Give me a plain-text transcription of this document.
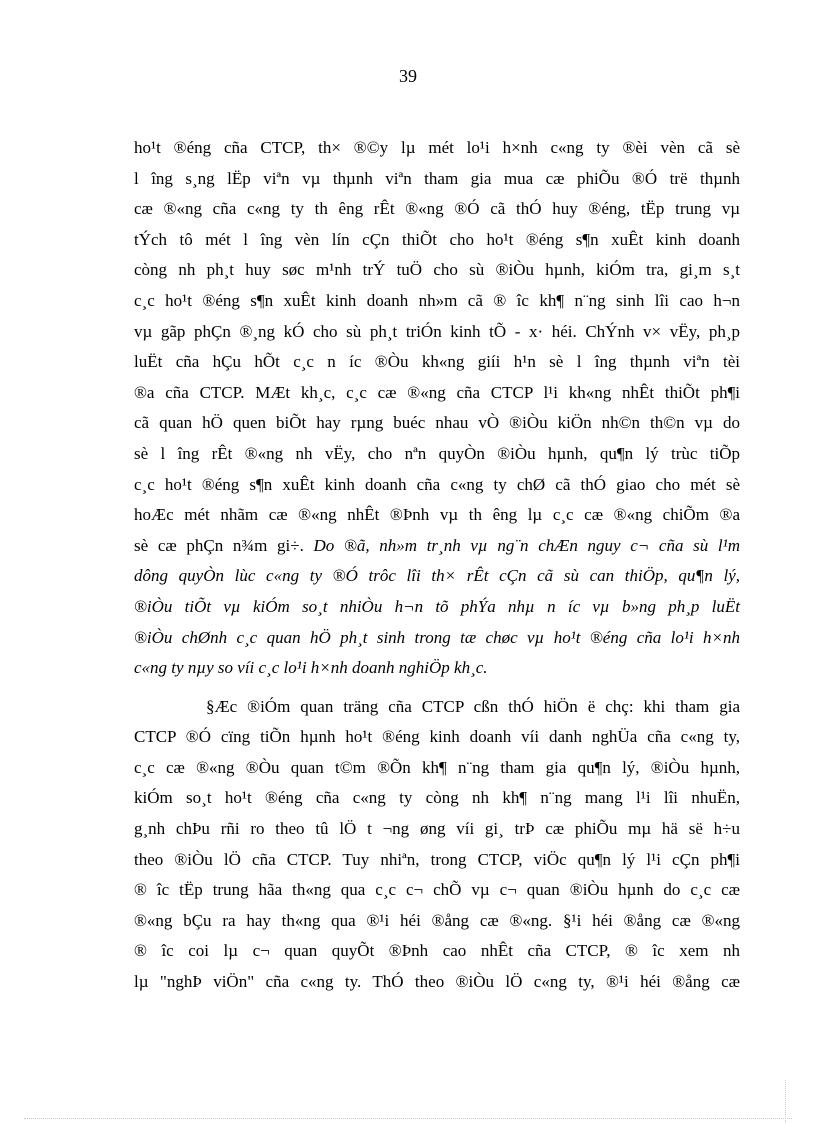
39
ho¹t ®éng cña CTCP, th× ®©y lµ mét lo¹i h×nh c«ng ty ®èi vèn cã sè
l îng s¸ng lËp viªn vµ thµnh viªn tham gia mua cæ phiÕu ®Ó trë thµnh
cæ ®«ng cña c«ng ty th êng rÊt ®«ng ®Ó cã thÓ huy ®éng, tËp trung vµ
tÝch tô mét l îng vèn lín cÇn thiÕt cho ho¹t ®éng s¶n xuÊt kinh doanh
còng nh ph¸t huy søc m¹nh trÝ tuÖ cho sù ®iÒu hµnh, kiÓm tra, gi¸m s¸t
c¸c ho¹t ®éng s¶n xuÊt kinh doanh nh»m cã ® îc kh¶ n¨ng sinh lîi cao h¬n
vµ gãp phÇn ®¸ng kÓ cho sù ph¸t triÓn kinh tÕ - x· héi. ChÝnh v× vËy, ph¸p
luËt cña hÇu hÕt c¸c n íc ®Òu kh«ng giíi h¹n sè l îng thµnh viªn tèi
®a cña CTCP. MÆt kh¸c, c¸c cæ ®«ng cña CTCP l¹i kh«ng nhÊt thiÕt ph¶i
cã quan hÖ quen biÕt hay rµng buéc nhau vÒ ®iÒu kiÖn nh©n th©n vµ do
sè l îng rÊt ®«ng nh vËy, cho nªn quyÒn ®iÒu hµnh, qu¶n lý trùc tiÕp
c¸c ho¹t ®éng s¶n xuÊt kinh doanh cña c«ng ty chØ cã thÓ giao cho mét sè
hoÆc mét nhãm cæ ®«ng nhÊt ®Þnh vµ th êng lµ c¸c cæ ®«ng chiÕm ®a
sè cæ phÇn n¾m gi÷. Do ®ã, nh»m tr¸nh vµ ng¨n chÆn nguy c¬ cña sù l¹m
dông quyÒn lùc c«ng ty ®Ó trôc lîi th× rÊt cÇn cã sù can thiÖp, qu¶n lý,
®iÒu tiÕt vµ kiÓm so¸t nhiÒu h¬n tõ phÝa nhµ n íc vµ b»ng ph¸p luËt
®iÒu chØnh c¸c quan hÖ ph¸t sinh trong tæ chøc vµ ho¹t ®éng cña lo¹i h×nh
c«ng ty nµy so víi c¸c lo¹i h×nh doanh nghiÖp kh¸c.
§Æc ®iÓm quan träng cña CTCP cßn thÓ hiÖn ë chç: khi tham gia
CTCP ®Ó cïng tiÕn hµnh ho¹t ®éng kinh doanh víi danh nghÜa cña c«ng ty,
c¸c cæ ®«ng ®Òu quan t©m ®Õn kh¶ n¨ng tham gia qu¶n lý, ®iÒu hµnh,
kiÓm so¸t ho¹t ®éng cña c«ng ty còng nh kh¶ n¨ng mang l¹i lîi nhuËn,
g¸nh chÞu rñi ro theo tû lÖ t ¬ng øng víi gi¸ trÞ cæ phiÕu mµ hä së h÷u
theo ®iÒu lÖ cña CTCP. Tuy nhiªn, trong CTCP, viÖc qu¶n lý l¹i cÇn ph¶i
® îc tËp trung hãa th«ng qua c¸c c¬ chÕ vµ c¬ quan ®iÒu hµnh do c¸c cæ
®«ng bÇu ra hay th«ng qua ®¹i héi ®ång cæ ®«ng. §¹i héi ®ång cæ ®«ng
® îc coi lµ c¬ quan quyÕt ®Þnh cao nhÊt cña CTCP, ® îc xem nh
lµ "nghÞ viÖn" cña c«ng ty. ThÓ theo ®iÒu lÖ c«ng ty, ®¹i héi ®ång cæ
